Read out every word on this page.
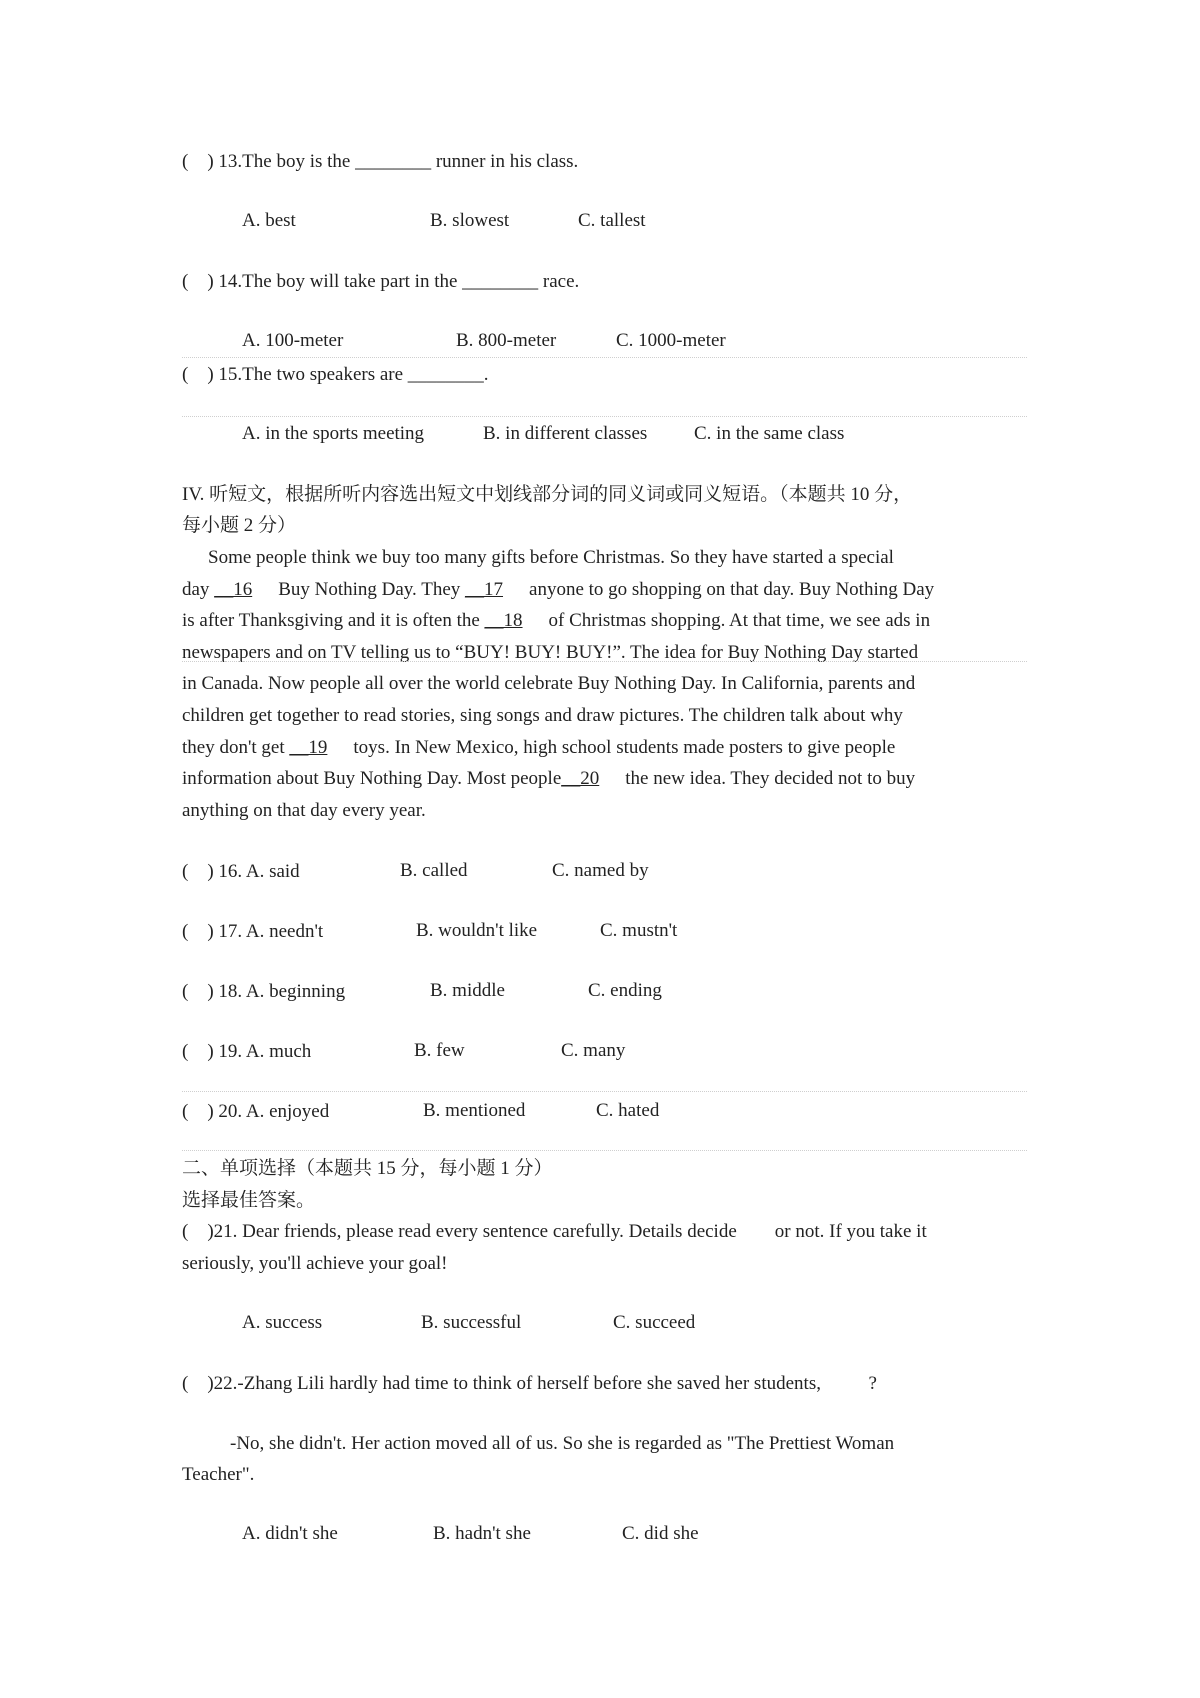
(    ) 13.The boy is the ________ runner in his class.
A. best	B. slowest	C. tallest
(    ) 14.The boy will take part in the ________ race.
A. 100-meter	B. 800-meter	C. 1000-meter
(    ) 15.The two speakers are ________.
A. in the sports meeting	B. in different classes C. in the same class
IV. 听短文，根据所听内容选出短文中划线部分词的同义词或同义短语。（本题共 10 分，
每小题 2 分）
Some people think we buy too many gifts before Christmas. So they have started a special
day __16 Buy Nothing Day. They __17 anyone to go shopping on that day. Buy Nothing Day
is after Thanksgiving and it is often the __18 of Christmas shopping. At that time, we see ads in
newspapers and on TV telling us to “BUY! BUY! BUY!”. The idea for Buy Nothing Day started
in Canada. Now people all over the world celebrate Buy Nothing Day. In California, parents and
children get together to read stories, sing songs and draw pictures. The children talk about why
they don't get __19 toys. In New Mexico, high school students made posters to give people
information about Buy Nothing Day. Most people__20 the new idea. They decided not to buy
anything on that day every year.
(    ) 16. A. said	B. called	C. named by
(    ) 17. A. needn't	B. wouldn't like	C. mustn't
(    ) 18. A. beginning	B. middle	C. ending
(    ) 19. A. much	B. few	C. many
(    ) 20. A. enjoyed	B. mentioned	C. hated
二、单项选择（本题共 15 分，每小题 1 分）
选择最佳答案。
(    )21. Dear friends, please read every sentence carefully. Details decide        or not. If you take it
seriously, you'll achieve your goal!
A. success	B. successful	C. succeed
(    )22.-Zhang Lili hardly had time to think of herself before she saved her students,          ?
-No, she didn't. Her action moved all of us. So she is regarded as "The Prettiest Woman
Teacher".
A. didn't she	B. hadn't she	C. did she
